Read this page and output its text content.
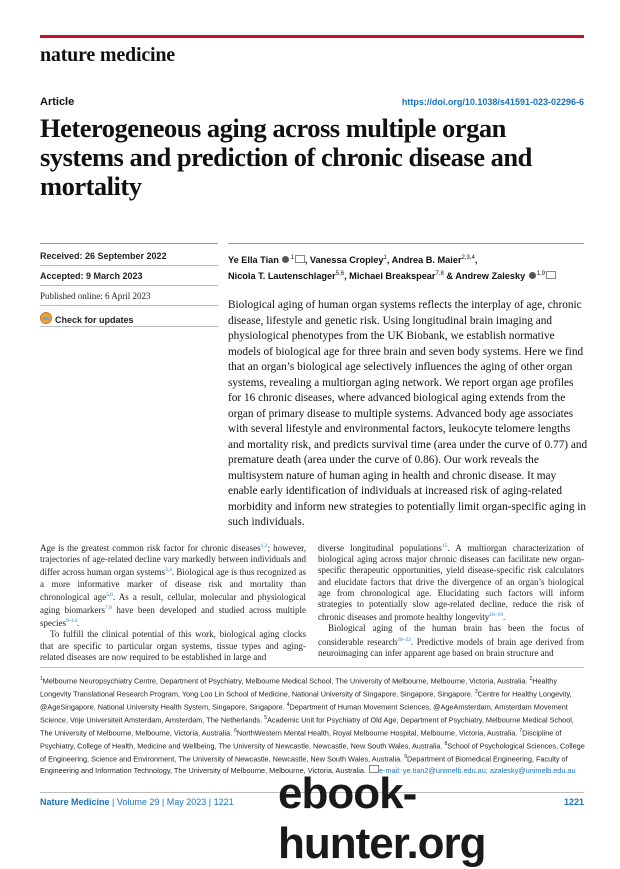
nature medicine
Article	https://doi.org/10.1038/s41591-023-02296-6
Heterogeneous aging across multiple organ systems and prediction of chronic disease and mortality
Received: 26 September 2022
Accepted: 9 March 2023
Published online: 6 April 2023
Check for updates
Ye Ella Tian $^1$ , Vanessa Cropley$^1$, Andrea B. Maier$^{2,3,4}$,
Nicola T. Lautenschlager$^{5,6}$, Michael Breakspear$^{7,8}$ & Andrew Zalesky $^{1,9}$
Biological aging of human organ systems reflects the interplay of age, chronic disease, lifestyle and genetic risk. Using longitudinal brain imaging and physiological phenotypes from the UK Biobank, we establish normative models of biological age for three brain and seven body systems. Here we find that an organ’s biological age selectively influences the aging of other organ systems, revealing a multiorgan aging network. We report organ age profiles for 16 chronic diseases, where advanced biological aging extends from the organ of primary disease to multiple systems. Advanced body age associates with several lifestyle and environmental factors, leukocyte telomere lengths and mortality risk, and predicts survival time (area under the curve of 0.77) and premature death (area under the curve of 0.86). Our work reveals the multisystem nature of human aging in health and chronic disease. It may enable early identification of individuals at increased risk of aging-related morbidity and inform new strategies to potentially limit organ-specific aging in such individuals.

Age is the greatest common risk factor for chronic diseases$^{1,2}$; however, trajectories of age-related decline vary markedly between individuals and differ across human organ systems$^{3,4}$. Biological age is thus recognized as a more informative marker of disease risk and mortality than chronological age$^{5,6}$. As a result, cellular, molecular and physiological aging biomarkers$^{7,8}$ have been developed and studied across multiple species$^{9-14}$.

To fulfill the clinical potential of this work, biological aging clocks that are specific to particular organ systems, tissue types and aging-related diseases are now required to be established in large and

diverse longitudinal populations$^{15}$. A multiorgan characterization of biological aging across major chronic diseases can facilitate new organ-specific therapeutic opportunities, yield disease-specific risk calculators and elucidate factors that drive the divergence of an organ’s biological age from chronological age. Elucidating such factors will inform strategies to potentially slow age-related decline, reduce the risk of chronic diseases and promote healthy longevity$^{16-19}$.

Biological aging of the human brain has been the focus of considerable research$^{20-22}$. Predictive models of brain age derived from neuroimaging can infer apparent age based on brain structure and

$^1$Melbourne Neuropsychiatry Centre, Department of Psychiatry, Melbourne Medical School, The University of Melbourne, Melbourne, Victoria, Australia. $^2$Healthy Longevity Translational Research Program, Yong Loo Lin School of Medicine, National University of Singapore, Singapore, Singapore. $^3$Centre for Healthy Longevity, @AgeSingapore, National University Health System, Singapore, Singapore. $^4$Department of Human Movement Sciences, @AgeAmsterdam, Amsterdam Movement Science, Vrije Universiteit Amsterdam, Amsterdam, The Netherlands. $^5$Academic Unit for Psychiatry of Old Age, Department of Psychiatry, Melbourne Medical School, The University of Melbourne, Melbourne, Victoria, Australia. $^6$NorthWestern Mental Health, Royal Melbourne Hospital, Melbourne, Victoria, Australia. $^7$Discipline of Psychiatry, College of Health, Medicine and Wellbeing, The University of Newcastle, Newcastle, New South Wales, Australia. $^8$School of Psychological Sciences, College of Engineering, Science and Environment, The University of Newcastle, Newcastle, New South Wales, Australia. $^9$Department of Biomedical Engineering, Faculty of Engineering and Information Technology, The University of Melbourne, Melbourne, Victoria, Australia. e-mail: ye.tian2@unimelb.edu.au; azalesky@unimelb.edu.au
Nature Medicine | Volume 29 | May 2023 | 1221	1221
ebook-hunter.org
